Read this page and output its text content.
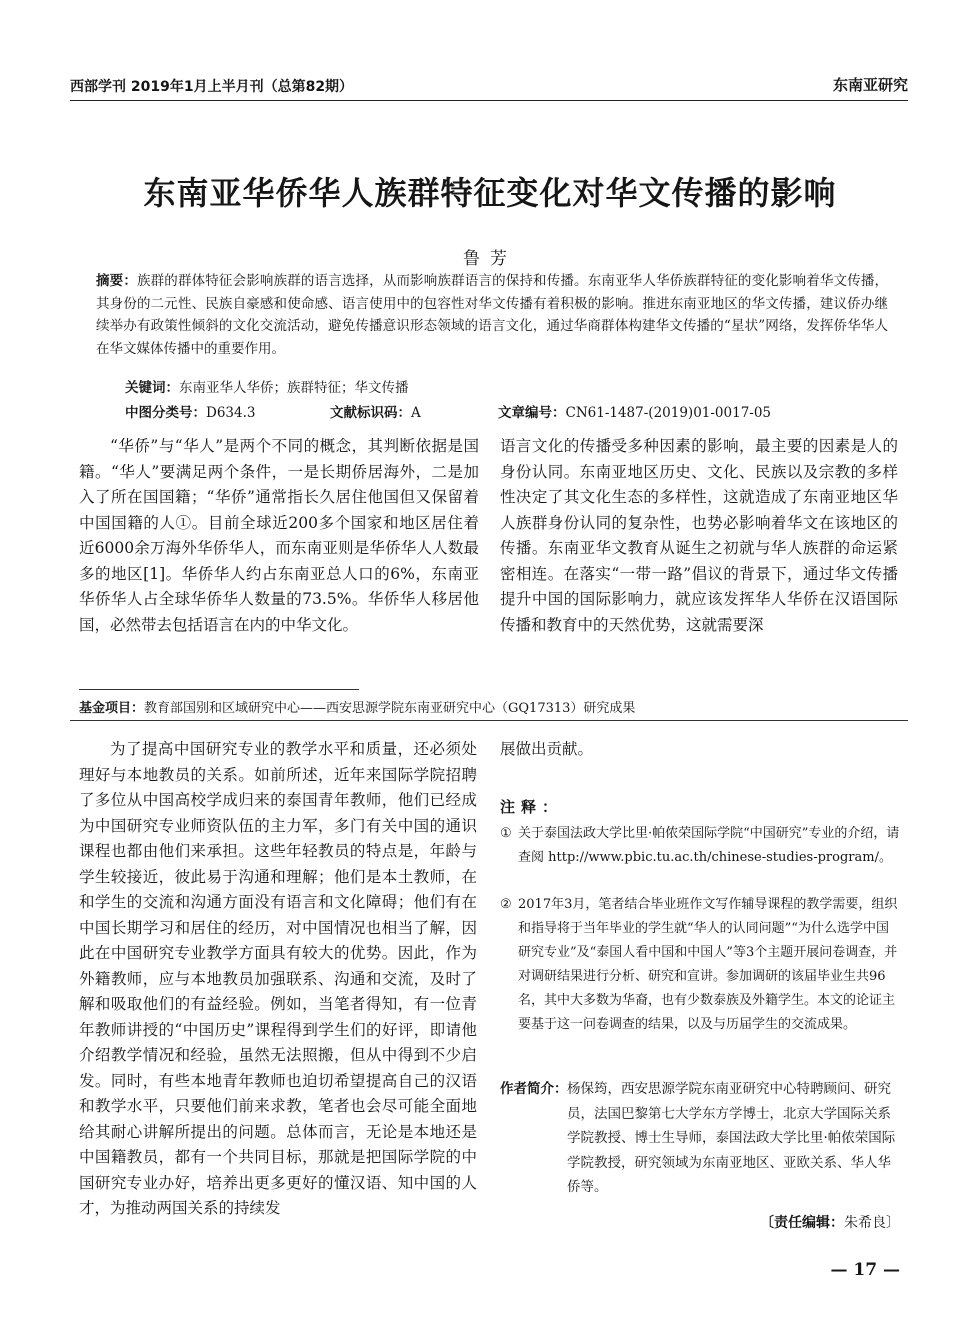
西部学刊 2019年1月上半月刊（总第82期）	东南亚研究
东南亚华侨华人族群特征变化对华文传播的影响
鲁芳
摘要：族群的群体特征会影响族群的语言选择，从而影响族群语言的保持和传播。东南亚华人华侨族群特征的变化影响着华文传播，其身份的二元性、民族自豪感和使命感、语言使用中的包容性对华文传播有着积极的影响。推进东南亚地区的华文传播，建议侨办继续举办有政策性倾斜的文化交流活动，避免传播意识形态领域的语言文化，通过华商群体构建华文传播的“星状”网络，发挥侨华华人在华文媒体传播中的重要作用。
关键词：东南亚华人华侨；族群特征；华文传播
中图分类号：D634.3	文献标识码：A	文章编号：CN61-1487-(2019)01-0017-05

“华侨”与“华人”是两个不同的概念，其判断依据是国籍。“华人”要满足两个条件，一是长期侨居海外，二是加入了所在国国籍；“华侨”通常指长久居住他国但又保留着中国国籍的人①。目前全球近200多个国家和地区居住着近6000余万海外华侨华人，而东南亚则是华侨华人人数最多的地区[1]。华侨华人约占东南亚总人口的6%，东南亚华侨华人占全球华侨华人数量的73.5%。华侨华人移居他国，必然带去包括语言在内的中华文化。

语言文化的传播受多种因素的影响，最主要的因素是人的身份认同。东南亚地区历史、文化、民族以及宗教的多样性决定了其文化生态的多样性，这就造成了东南亚地区华人族群身份认同的复杂性，也势必影响着华文在该地区的传播。东南亚华文教育从诞生之初就与华人族群的命运紧密相连。在落实“一带一路”倡议的背景下，通过华文传播提升中国的国际影响力，就应该发挥华人华侨在汉语国际传播和教育中的天然优势，这就需要深

基金项目：教育部国别和区域研究中心——西安思源学院东南亚研究中心（GQ17313）研究成果

为了提高中国研究专业的教学水平和质量，还必须处理好与本地教员的关系。如前所述，近年来国际学院招聘了多位从中国高校学成归来的泰国青年教师，他们已经成为中国研究专业师资队伍的主力军，多门有关中国的通识课程也都由他们来承担。这些年轻教员的特点是，年龄与学生较接近，彼此易于沟通和理解；他们是本土教师，在和学生的交流和沟通方面没有语言和文化障碍；他们有在中国长期学习和居住的经历，对中国情况也相当了解，因此在中国研究专业教学方面具有较大的优势。因此，作为外籍教师，应与本地教员加强联系、沟通和交流，及时了解和吸取他们的有益经验。例如，当笔者得知，有一位青年教师讲授的“中国历史”课程得到学生们的好评，即请他介绍教学情况和经验，虽然无法照搬，但从中得到不少启发。同时，有些本地青年教师也迫切希望提高自己的汉语和教学水平，只要他们前来求教，笔者也会尽可能全面地给其耐心讲解所提出的问题。总体而言，无论是本地还是中国籍教员，都有一个共同目标，那就是把国际学院的中国研究专业办好，培养出更多更好的懂汉语、知中国的人才，为推动两国关系的持续发

展做出贡献。

注释：
① 关于泰国法政大学比里·帕侬荣国际学院“中国研究”专业的介绍，请查阅 http://www.pbic.tu.ac.th/chinese-studies-program/。
② 2017年3月，笔者结合毕业班作文写作辅导课程的教学需要，组织和指导将于当年毕业的学生就“华人的认同问题”“为什么选学中国研究专业”及“泰国人看中国和中国人”等3个主题开展问卷调查，并对调研结果进行分析、研究和宣讲。参加调研的该届毕业生共96名，其中大多数为华裔，也有少数泰族及外籍学生。本文的论证主要基于这一问卷调查的结果，以及与历届学生的交流成果。
作者简介： 杨保筠，西安思源学院东南亚研究中心特聘顾问、研究员，法国巴黎第七大学东方学博士，北京大学国际关系学院教授、博士生导师，泰国法政大学比里·帕侬荣国际学院教授，研究领域为东南亚地区、亚欧关系、华人华侨等。
〔责任编辑：朱希良〕
— 17 —
